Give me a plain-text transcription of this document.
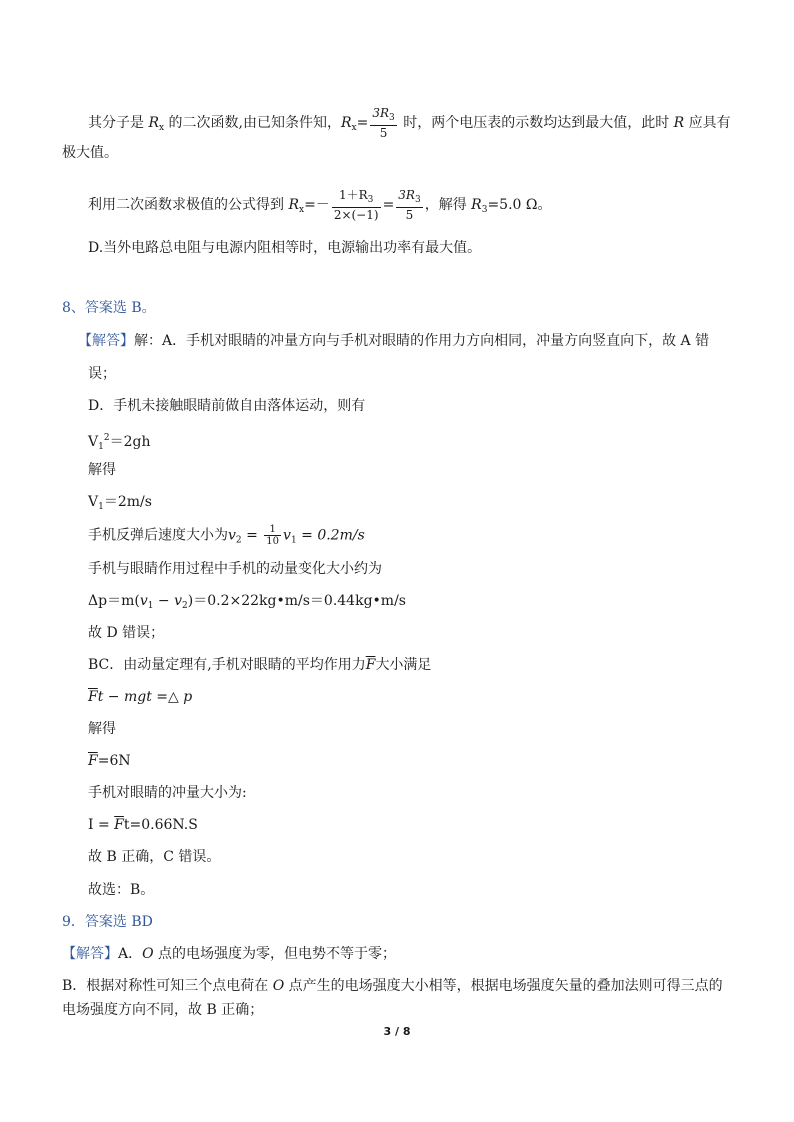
其分子是 $R_x$ 的二次函数,由已知条件知，$R_x= \frac{3R_3}{5}$ 时，两个电压表的示数均达到最大值，此时 R 应具有
极大值。
利用二次函数求极值的公式得到 $R_x=- \frac{1+R_3}{2\times(-1)} = \frac{3R_3}{5}$ ，解得 $R_3=5.0$ Ω。
D.当外电路总电阻与电源内阻相等时，电源输出功率有最大值。
8、答案选 B。
【解答】解：A．手机对眼睛的冲量方向与手机对眼睛的作用力方向相同，冲量方向竖直向下，故 A 错
误；
D．手机未接触眼睛前做自由落体运动，则有
$V_1^2=2gh$
解得
$V_1=2m/s$
手机反弹后速度大小为$v_2 = \frac{1}{10} v_1 = 0.2m/s$
手机与眼睛作用过程中手机的动量变化大小约为
$\Delta p=m(v_1$ − $v_2)=0.2\times 22kg•m/s=0.44kg•m/s$
故 D 错误；
BC．由动量定理有,手机对眼睛的平均作用力$\overline{F}$大小满足
$\overline{F}t$ − mgt =△ p
解得
$\overline{F}=6N$
手机对眼睛的冲量大小为:
$I = \overline{F}t=0.66N.S$
故 B 正确，C 错误。
故选：B。
9．答案选 BD
【解答】A．O 点的电场强度为零，但电势不等于零；
B．根据对称性可知三个点电荷在 O 点产生的电场强度大小相等，根据电场强度矢量的叠加法则可得三点的
电场强度方向不同，故 B 正确；
3 / 8
